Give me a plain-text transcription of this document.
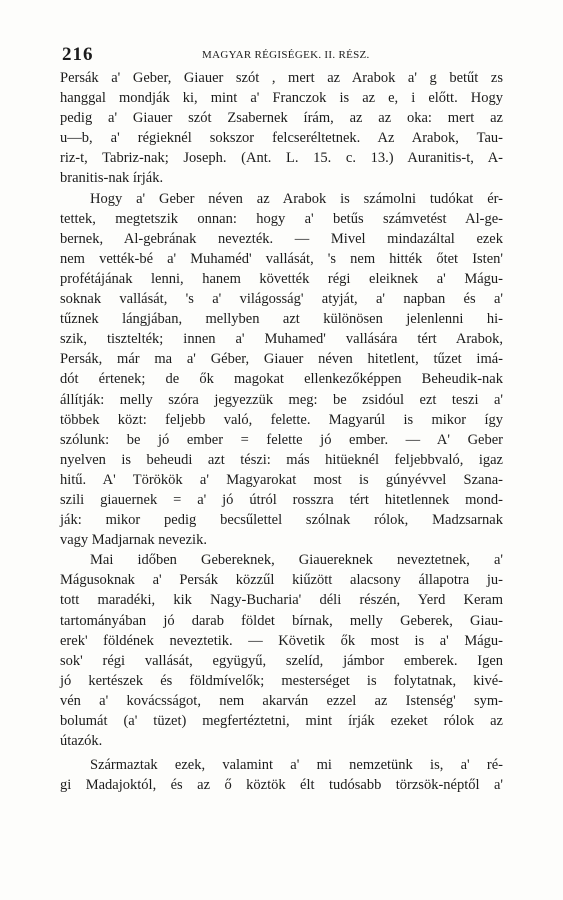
216	MAGYAR RÉGISÉGEK. II. RÉSZ.
Persák a' Geber, Giauer szót , mert az Arabok a' g betűt zs
hanggal mondják ki, mint a' Franczok is az e, i előtt. Hogy
pedig a' Giauer szót Zsabernek írám, az az oka: mert az
u—b, a' régieknél sokszor felcseréltetnek. Az Arabok, Tau-
riz-t, Tabriz-nak; Joseph. (Ant. L. 15. c. 13.) Auranitis-t, A-
branitis-nak írják.
Hogy a' Geber néven az Arabok is számolni tudókat ér-
tettek, megtetszik onnan: hogy a' betűs számvetést Al-ge-
bernek, Al-gebrának nevezték. — Mivel mindazáltal ezek
nem vették-bé a' Muhaméd' vallását, 's nem hitték őtet Isten'
profétájának lenni, hanem követték régi eleiknek a' Mágu-
soknak vallását, 's a' világosság' atyját, a' napban és a'
tűznek lángjában, mellyben azt különösen jelenlenni hi-
szik, tisztelték; innen a' Muhamed' vallására tért Arabok,
Persák, már ma a' Géber, Giauer néven hitetlent, tűzet imá-
dót értenek; de ők magokat ellenkezőképpen Beheudik-nak
állítják: melly szóra jegyezzük meg: be zsidóul ezt teszi a'
többek közt: feljebb való, felette. Magyarúl is mikor így
szólunk: be jó ember = felette jó ember. — A' Geber
nyelven is beheudi azt tészi: más hitüeknél feljebbvaló, igaz
hitű. A' Törökök a' Magyarokat most is gúnyévvel Szana-
szili giauernek = a' jó útról rosszra tért hitetlennek mond-
ják: mikor pedig becsűlettel szólnak rólok, Madzsarnak
vagy Madjarnak nevezik.
Mai időben Gebereknek, Giauereknek neveztetnek, a'
Mágusoknak a' Persák közzűl kiűzött alacsony állapotra ju-
tott maradéki, kik Nagy-Bucharia' déli részén, Yerd Keram
tartományában jó darab földet bírnak, melly Geberek, Giau-
erek' földének neveztetik. — Követik ők most is a' Mágu-
sok' régi vallását, együgyű, szelíd, jámbor emberek. Igen
jó kertészek és földmívelők; mesterséget is folytatnak, kivé-
vén a' kovácsságot, nem akarván ezzel az Istenség' sym-
bolumát (a' tüzet) megfertéztetni, mint írják ezeket rólok az
útazók.
Származtak ezek, valamint a' mi nemzetünk is, a' ré-
gi Madajoktól, és az ő köztök élt tudósabb törzsök-néptől a'
